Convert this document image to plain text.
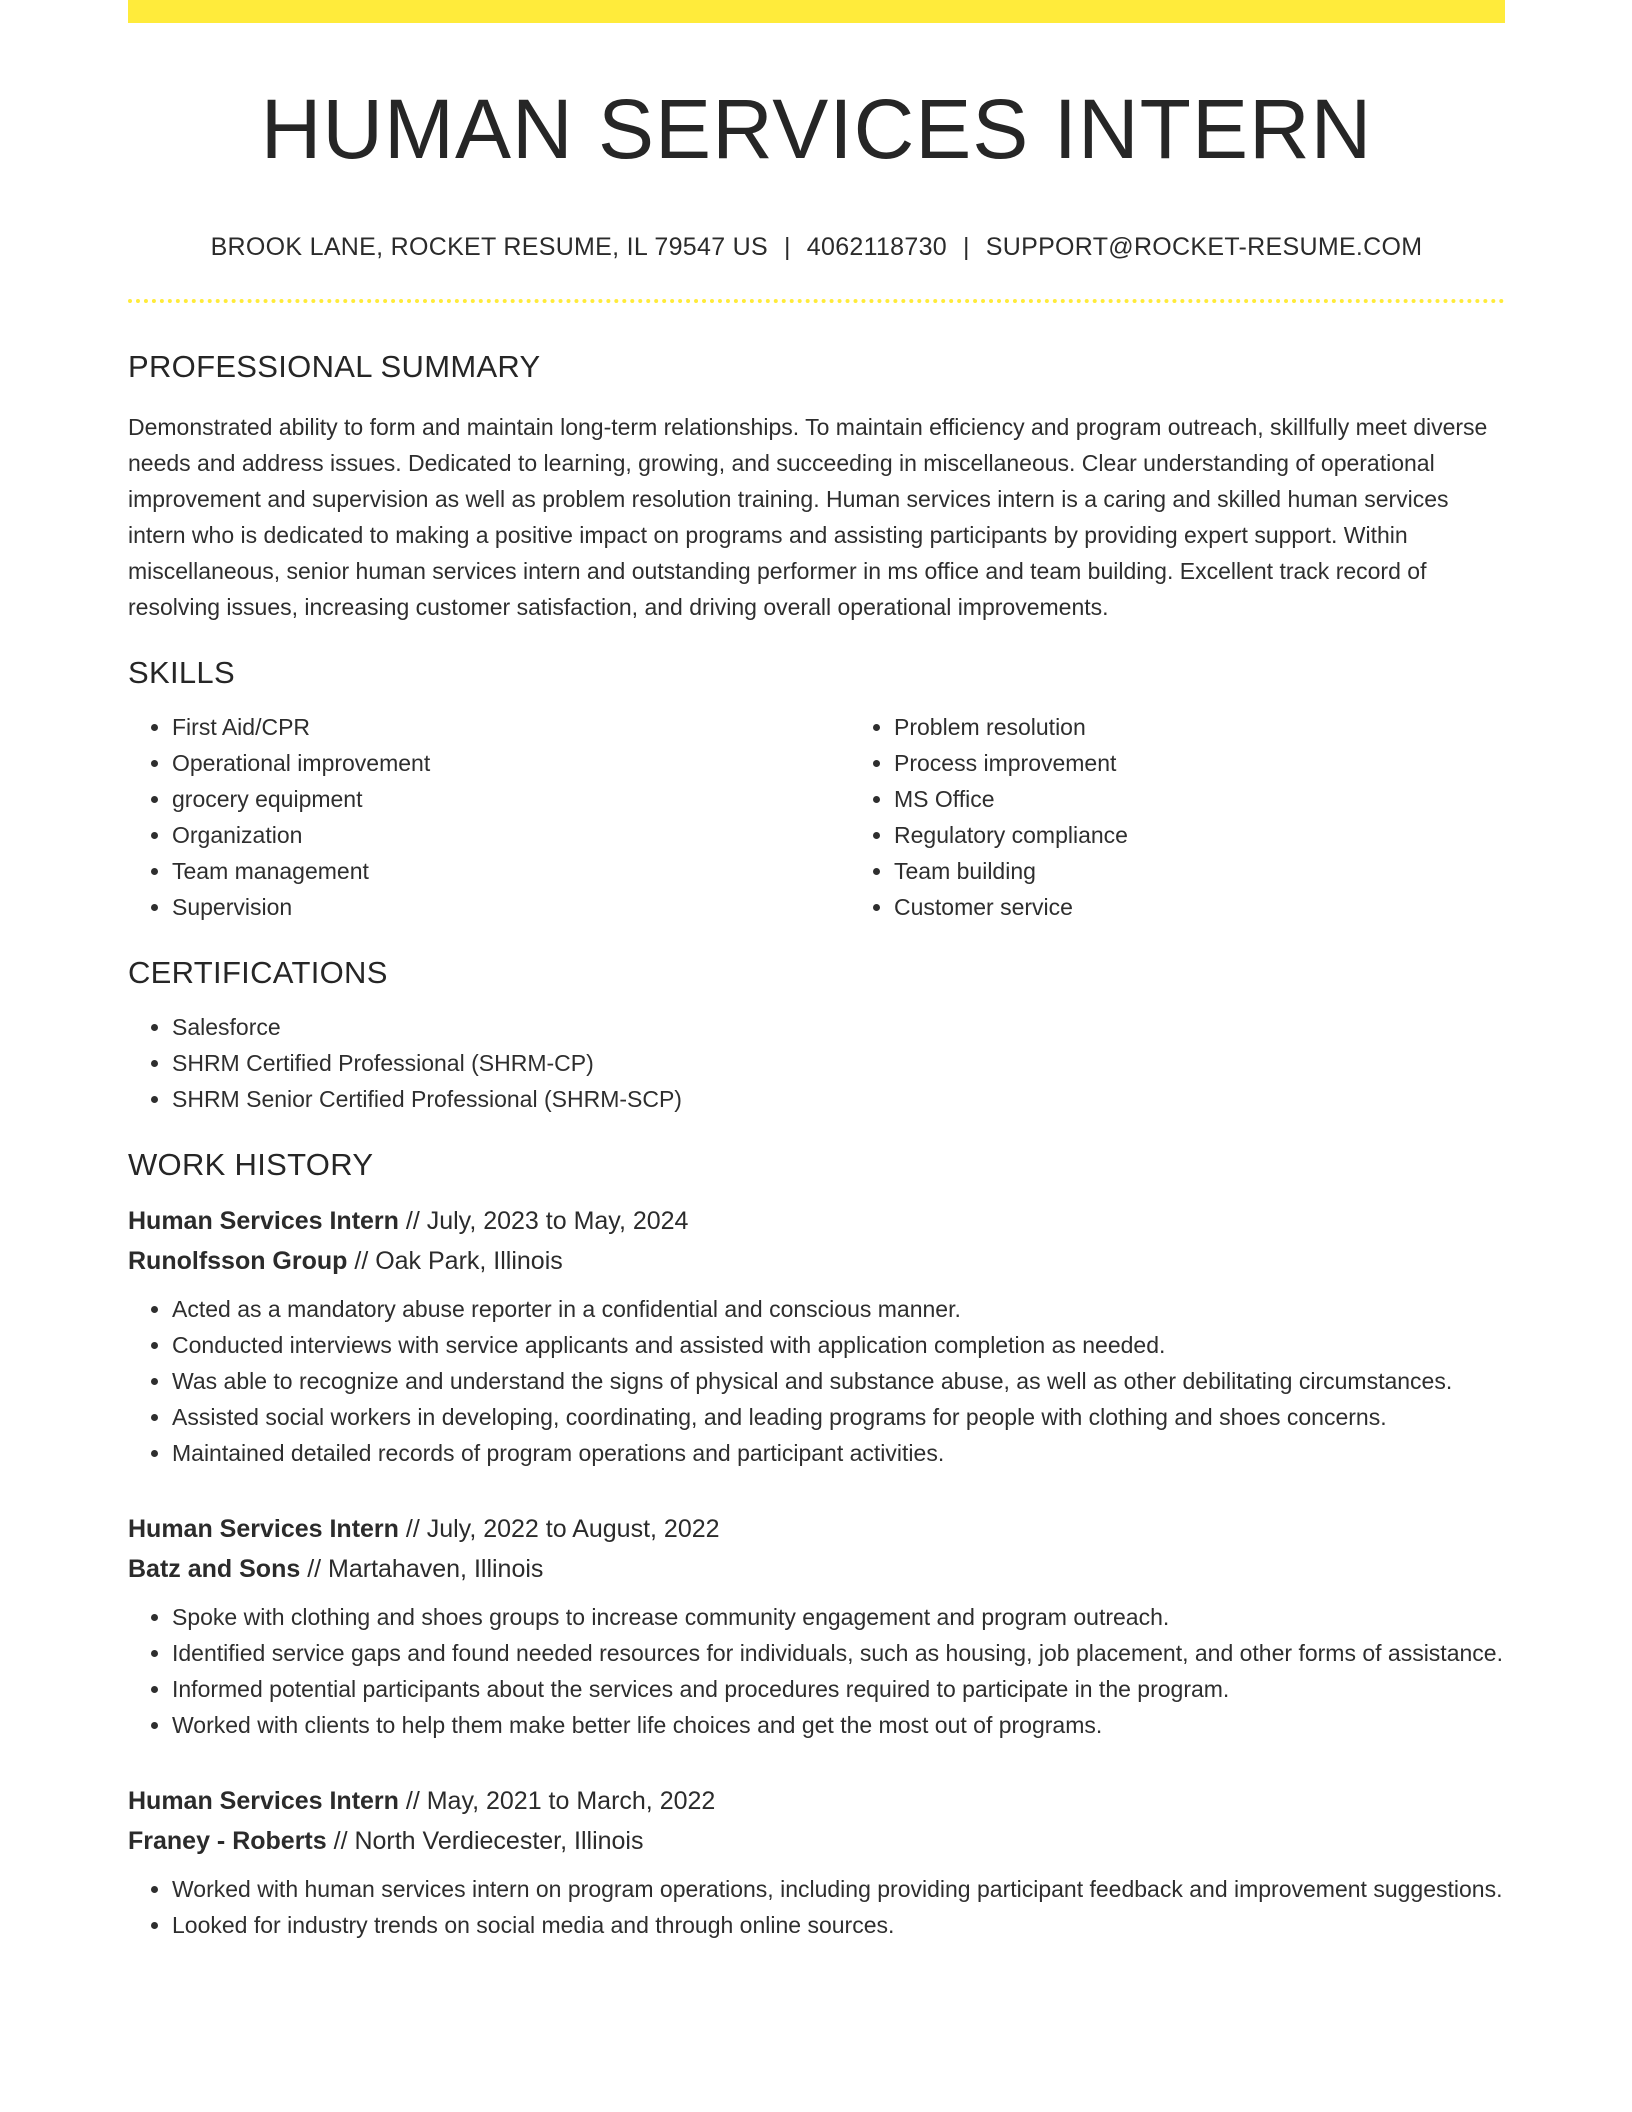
HUMAN SERVICES INTERN
BROOK LANE, ROCKET RESUME, IL 79547 US | 4062118730 | SUPPORT@ROCKET-RESUME.COM
PROFESSIONAL SUMMARY
Demonstrated ability to form and maintain long-term relationships. To maintain efficiency and program outreach, skillfully meet diverse needs and address issues. Dedicated to learning, growing, and succeeding in miscellaneous. Clear understanding of operational improvement and supervision as well as problem resolution training. Human services intern is a caring and skilled human services intern who is dedicated to making a positive impact on programs and assisting participants by providing expert support. Within miscellaneous, senior human services intern and outstanding performer in ms office and team building. Excellent track record of resolving issues, increasing customer satisfaction, and driving overall operational improvements.
SKILLS
• First Aid/CPR
• Operational improvement
• grocery equipment
• Organization
• Team management
• Supervision
• Problem resolution
• Process improvement
• MS Office
• Regulatory compliance
• Team building
• Customer service
CERTIFICATIONS
• Salesforce
• SHRM Certified Professional (SHRM-CP)
• SHRM Senior Certified Professional (SHRM-SCP)
WORK HISTORY
Human Services Intern // July, 2023 to May, 2024
Runolfsson Group // Oak Park, Illinois
• Acted as a mandatory abuse reporter in a confidential and conscious manner.
• Conducted interviews with service applicants and assisted with application completion as needed.
• Was able to recognize and understand the signs of physical and substance abuse, as well as other debilitating circumstances.
• Assisted social workers in developing, coordinating, and leading programs for people with clothing and shoes concerns.
• Maintained detailed records of program operations and participant activities.
Human Services Intern // July, 2022 to August, 2022
Batz and Sons // Martahaven, Illinois
• Spoke with clothing and shoes groups to increase community engagement and program outreach.
• Identified service gaps and found needed resources for individuals, such as housing, job placement, and other forms of assistance.
• Informed potential participants about the services and procedures required to participate in the program.
• Worked with clients to help them make better life choices and get the most out of programs.
Human Services Intern // May, 2021 to March, 2022
Franey - Roberts // North Verdiecester, Illinois
• Worked with human services intern on program operations, including providing participant feedback and improvement suggestions.
• Looked for industry trends on social media and through online sources.
